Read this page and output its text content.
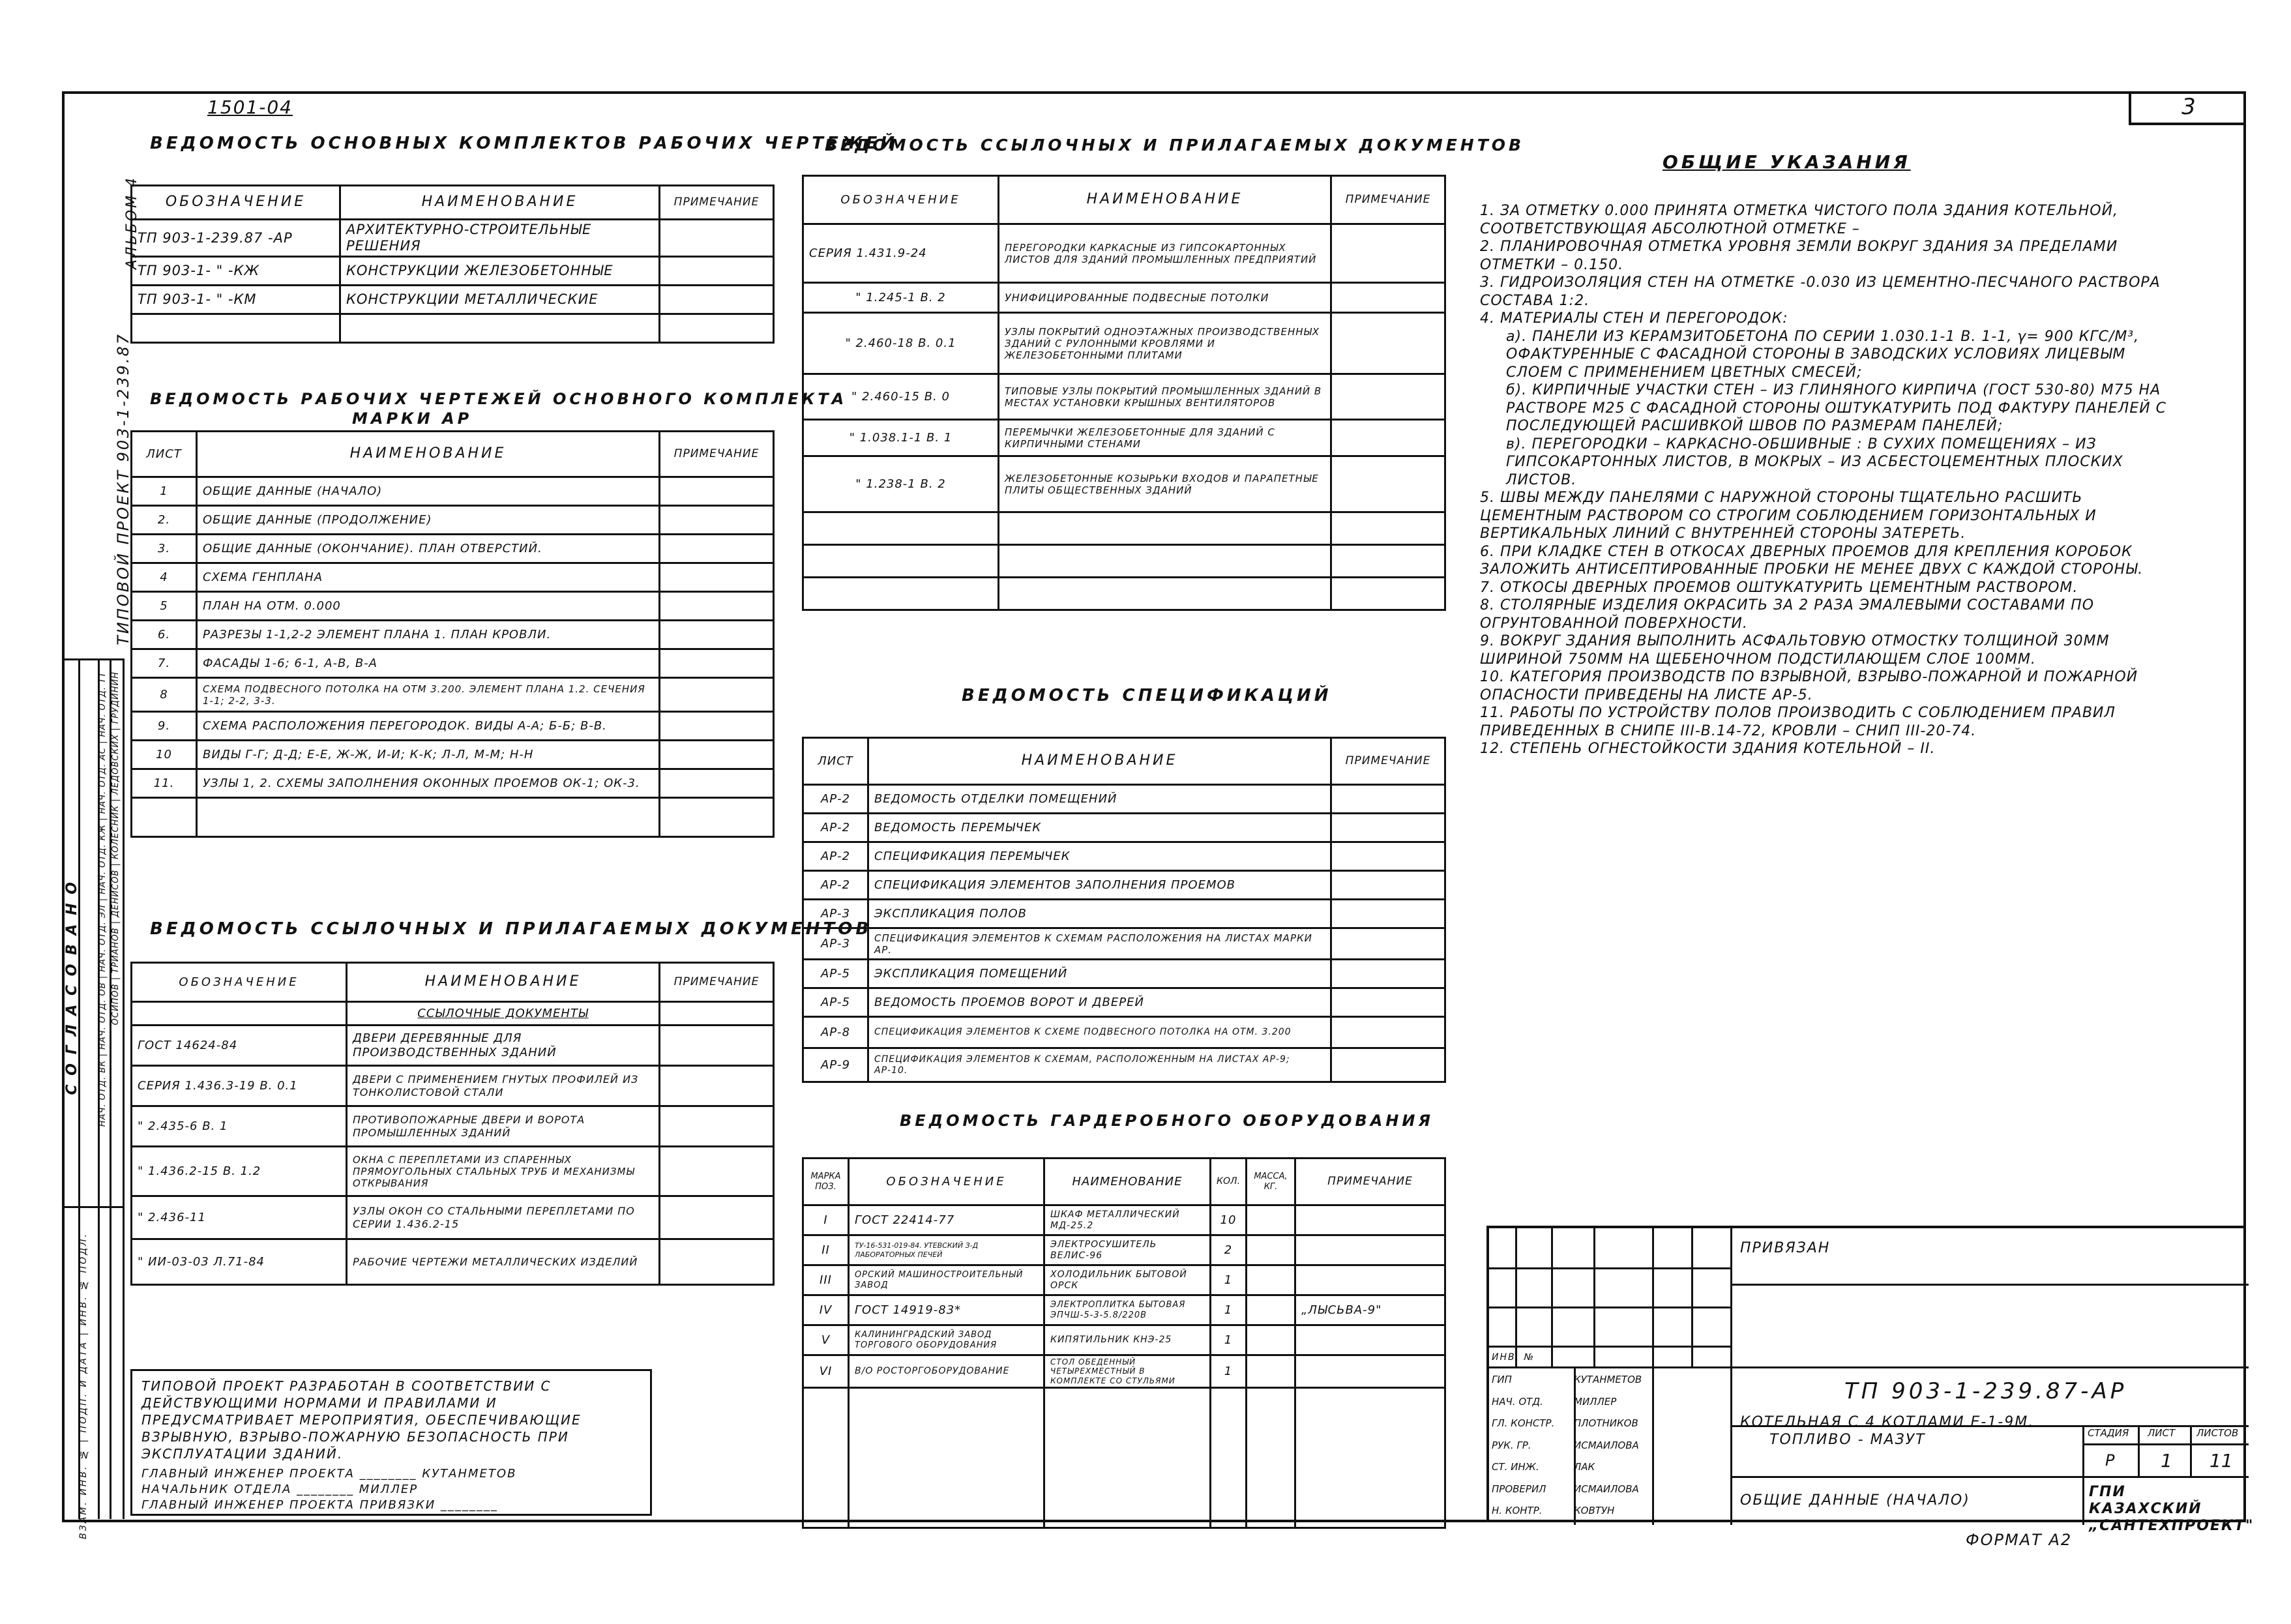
3
1501-04
АЛЬБОМ 4
ТИПОВОЙ ПРОЕКТ 903-1-239.87
С О Г Л А С О В А Н О НАЧ. ОТД. ВК | НАЧ. ОТД. ОВ | НАЧ. ОТД. ЭЛ | НАЧ. ОТД. КЖ | НАЧ. ОТД. АС | НАЧ. ОТД. ТТ
ОСИПОВ | ТРИАНОВ | ДЕНИСОВ | КОЛЕСНИК | ЛЕДОВСКИХ | ГРУДИНИН
ВЗАМ. ИНВ. № | ПОДП. И ДАТА | ИНВ. № ПОДЛ.
ВЕДОМОСТЬ ОСНОВНЫХ КОМПЛЕКТОВ РАБОЧИХ ЧЕРТЕЖЕЙ
ОБОЗНАЧЕНИЕ	НАИМЕНОВАНИЕ	ПРИМЕЧАНИЕ
ТП 903-1-239.87 -АР	АРХИТЕКТУРНО-СТРОИТЕЛЬНЫЕ РЕШЕНИЯ	
ТП 903-1- " -КЖ	КОНСТРУКЦИИ ЖЕЛЕЗОБЕТОННЫЕ	
ТП 903-1- " -КМ	КОНСТРУКЦИИ МЕТАЛЛИЧЕСКИЕ	

ВЕДОМОСТЬ РАБОЧИХ ЧЕРТЕЖЕЙ ОСНОВНОГО КОМПЛЕКТА
МАРКИ АР
ЛИСТ	НАИМЕНОВАНИЕ	ПРИМЕЧАНИЕ
1	ОБЩИЕ ДАННЫЕ (НАЧАЛО)	
2.	ОБЩИЕ ДАННЫЕ (ПРОДОЛЖЕНИЕ)	
3.	ОБЩИЕ ДАННЫЕ (ОКОНЧАНИЕ). ПЛАН ОТВЕРСТИЙ.	
4	СХЕМА ГЕНПЛАНА	
5	ПЛАН НА ОТМ. 0.000	
6.	РАЗРЕЗЫ 1-1,2-2 ЭЛЕМЕНТ ПЛАНА 1. ПЛАН КРОВЛИ.	
7.	ФАСАДЫ 1-6; 6-1, А-В, В-А	
8	СХЕМА ПОДВЕСНОГО ПОТОЛКА НА ОТМ 3.200. ЭЛЕМЕНТ ПЛАНА 1.2. СЕЧЕНИЯ 1-1; 2-2, 3-3.	
9.	СХЕМА РАСПОЛОЖЕНИЯ ПЕРЕГОРОДОК. ВИДЫ А-А; Б-Б; В-В.	
10	ВИДЫ Г-Г; Д-Д; Е-Е, Ж-Ж, И-И; К-К; Л-Л, М-М; Н-Н	
11.	УЗЛЫ 1, 2. СХЕМЫ ЗАПОЛНЕНИЯ ОКОННЫХ ПРОЕМОВ ОК-1; ОК-3.	

ВЕДОМОСТЬ ССЫЛОЧНЫХ И ПРИЛАГАЕМЫХ ДОКУМЕНТОВ
ОБОЗНАЧЕНИЕ	НАИМЕНОВАНИЕ	ПРИМЕЧАНИЕ
	ССЫЛОЧНЫЕ ДОКУМЕНТЫ	
ГОСТ 14624-84	ДВЕРИ ДЕРЕВЯННЫЕ ДЛЯ ПРОИЗВОДСТВЕННЫХ ЗДАНИЙ	
СЕРИЯ 1.436.3-19 В. 0.1	ДВЕРИ С ПРИМЕНЕНИЕМ ГНУТЫХ ПРОФИЛЕЙ ИЗ ТОНКОЛИСТОВОЙ СТАЛИ	
" 2.435-6 В. 1	ПРОТИВОПОЖАРНЫЕ ДВЕРИ И ВОРОТА ПРОМЫШЛЕННЫХ ЗДАНИЙ	
" 1.436.2-15 В. 1.2	ОКНА С ПЕРЕПЛЕТАМИ ИЗ СПАРЕННЫХ ПРЯМОУГОЛЬНЫХ СТАЛЬНЫХ ТРУБ И МЕХАНИЗМЫ ОТКРЫВАНИЯ	
" 2.436-11	УЗЛЫ ОКОН СО СТАЛЬНЫМИ ПЕРЕПЛЕТАМИ ПО СЕРИИ 1.436.2-15	
" ИИ-03-03 Л.71-84	РАБОЧИЕ ЧЕРТЕЖИ МЕТАЛЛИЧЕСКИХ ИЗДЕЛИЙ	
ТИПОВОЙ ПРОЕКТ РАЗРАБОТАН В СООТВЕТСТВИИ С ДЕЙСТВУЮЩИМИ НОРМАМИ И ПРАВИЛАМИ И ПРЕДУСМАТРИВАЕТ МЕРОПРИЯТИЯ, ОБЕСПЕЧИВАЮЩИЕ ВЗРЫВНУЮ, ВЗРЫВО-ПОЖАРНУЮ БЕЗОПАСНОСТЬ ПРИ ЭКСПЛУАТАЦИИ ЗДАНИЙ.
ГЛАВНЫЙ ИНЖЕНЕР ПРОЕКТА ________ КУТАНМЕТОВ
НАЧАЛЬНИК ОТДЕЛА ________ МИЛЛЕР
ГЛАВНЫЙ ИНЖЕНЕР ПРОЕКТА ПРИВЯЗКИ ________
ВЕДОМОСТЬ ССЫЛОЧНЫХ И ПРИЛАГАЕМЫХ ДОКУМЕНТОВ
ОБОЗНАЧЕНИЕ	НАИМЕНОВАНИЕ	ПРИМЕЧАНИЕ
СЕРИЯ 1.431.9-24	ПЕРЕГОРОДКИ КАРКАСНЫЕ ИЗ ГИПСОКАРТОННЫХ ЛИСТОВ ДЛЯ ЗДАНИЙ ПРОМЫШЛЕННЫХ ПРЕДПРИЯТИЙ	
" 1.245-1 В. 2	УНИФИЦИРОВАННЫЕ ПОДВЕСНЫЕ ПОТОЛКИ	
" 2.460-18 В. 0.1	УЗЛЫ ПОКРЫТИЙ ОДНОЭТАЖНЫХ ПРОИЗВОДСТВЕННЫХ ЗДАНИЙ С РУЛОННЫМИ КРОВЛЯМИ И ЖЕЛЕЗОБЕТОННЫМИ ПЛИТАМИ	
" 2.460-15 В. 0	ТИПОВЫЕ УЗЛЫ ПОКРЫТИЙ ПРОМЫШЛЕННЫХ ЗДАНИЙ В МЕСТАХ УСТАНОВКИ КРЫШНЫХ ВЕНТИЛЯТОРОВ	
" 1.038.1-1 В. 1	ПЕРЕМЫЧКИ ЖЕЛЕЗОБЕТОННЫЕ ДЛЯ ЗДАНИЙ С КИРПИЧНЫМИ СТЕНАМИ	
" 1.238-1 В. 2	ЖЕЛЕЗОБЕТОННЫЕ КОЗЫРЬКИ ВХОДОВ И ПАРАПЕТНЫЕ ПЛИТЫ ОБЩЕСТВЕННЫХ ЗДАНИЙ	

ВЕДОМОСТЬ СПЕЦИФИКАЦИЙ
ЛИСТ	НАИМЕНОВАНИЕ	ПРИМЕЧАНИЕ
АР-2	ВЕДОМОСТЬ ОТДЕЛКИ ПОМЕЩЕНИЙ	
АР-2	ВЕДОМОСТЬ ПЕРЕМЫЧЕК	
АР-2	СПЕЦИФИКАЦИЯ ПЕРЕМЫЧЕК	
АР-2	СПЕЦИФИКАЦИЯ ЭЛЕМЕНТОВ ЗАПОЛНЕНИЯ ПРОЕМОВ	
АР-3	ЭКСПЛИКАЦИЯ ПОЛОВ	
АР-3	СПЕЦИФИКАЦИЯ ЭЛЕМЕНТОВ К СХЕМАМ РАСПОЛОЖЕНИЯ НА ЛИСТАХ МАРКИ АР.	
АР-5	ЭКСПЛИКАЦИЯ ПОМЕЩЕНИЙ	
АР-5	ВЕДОМОСТЬ ПРОЕМОВ ВОРОТ И ДВЕРЕЙ	
АР-8	СПЕЦИФИКАЦИЯ ЭЛЕМЕНТОВ К СХЕМЕ ПОДВЕСНОГО ПОТОЛКА НА ОТМ. 3.200	
АР-9	СПЕЦИФИКАЦИЯ ЭЛЕМЕНТОВ К СХЕМАМ, РАСПОЛОЖЕННЫМ НА ЛИСТАХ АР-9; АР-10.	
ВЕДОМОСТЬ ГАРДЕРОБНОГО ОБОРУДОВАНИЯ
МАРКА ПОЗ.	ОБОЗНАЧЕНИЕ	НАИМЕНОВАНИЕ	КОЛ.	МАССА, КГ.	ПРИМЕЧАНИЕ
I	ГОСТ 22414-77	ШКАФ МЕТАЛЛИЧЕСКИЙ МД-25.2	10		
II	ТУ-16-531-019-84. УТЕВСКИЙ З-Д ЛАБОРАТОРНЫХ ПЕЧЕЙ	ЭЛЕКТРОСУШИТЕЛЬ ВЕЛИС-96	2		
III	ОРСКИЙ МАШИНОСТРОИТЕЛЬНЫЙ ЗАВОД	ХОЛОДИЛЬНИК БЫТОВОЙ ОРСК	1		
IV	ГОСТ 14919-83*	ЭЛЕКТРОПЛИТКА БЫТОВАЯ ЭПЧШ-5-3-5.8/220В	1		„ЛЫСЬВА-9"
V	КАЛИНИНГРАДСКИЙ ЗАВОД ТОРГОВОГО ОБОРУДОВАНИЯ	КИПЯТИЛЬНИК КНЭ-25	1		
VI	В/О РОСТОРГОБОРУДОВАНИЕ	СТОЛ ОБЕДЕННЫЙ ЧЕТЫРЕХМЕСТНЫЙ В КОМПЛЕКТЕ СО СТУЛЬЯМИ	1		

ОБЩИЕ УКАЗАНИЯ
1. ЗА ОТМЕТКУ 0.000 ПРИНЯТА ОТМЕТКА ЧИСТОГО ПОЛА ЗДАНИЯ КОТЕЛЬНОЙ, СООТВЕТСТВУЮЩАЯ АБСОЛЮТНОЙ ОТМЕТКЕ –
2. ПЛАНИРОВОЧНАЯ ОТМЕТКА УРОВНЯ ЗЕМЛИ ВОКРУГ ЗДАНИЯ ЗА ПРЕДЕЛАМИ ОТМЕТКИ – 0.150.
3. ГИДРОИЗОЛЯЦИЯ СТЕН НА ОТМЕТКЕ -0.030 ИЗ ЦЕМЕНТНО-ПЕСЧАНОГО РАСТВОРА СОСТАВА 1:2.
4. МАТЕРИАЛЫ СТЕН И ПЕРЕГОРОДОК:
а). ПАНЕЛИ ИЗ КЕРАМЗИТОБЕТОНА ПО СЕРИИ 1.030.1-1 В. 1-1, γ= 900 КГС/М³, ОФАКТУРЕННЫЕ С ФАСАДНОЙ СТОРОНЫ В ЗАВОДСКИХ УСЛОВИЯХ ЛИЦЕВЫМ СЛОЕМ С ПРИМЕНЕНИЕМ ЦВЕТНЫХ СМЕСЕЙ;
б). КИРПИЧНЫЕ УЧАСТКИ СТЕН – ИЗ ГЛИНЯНОГО КИРПИЧА (ГОСТ 530-80) М75 НА РАСТВОРЕ М25 С ФАСАДНОЙ СТОРОНЫ ОШТУКАТУРИТЬ ПОД ФАКТУРУ ПАНЕЛЕЙ С ПОСЛЕДУЮЩЕЙ РАСШИВКОЙ ШВОВ ПО РАЗМЕРАМ ПАНЕЛЕЙ;
в). ПЕРЕГОРОДКИ – КАРКАСНО-ОБШИВНЫЕ : В СУХИХ ПОМЕЩЕНИЯХ – ИЗ ГИПСОКАРТОННЫХ ЛИСТОВ, В МОКРЫХ – ИЗ АСБЕСТОЦЕМЕНТНЫХ ПЛОСКИХ ЛИСТОВ.
5. ШВЫ МЕЖДУ ПАНЕЛЯМИ С НАРУЖНОЙ СТОРОНЫ ТЩАТЕЛЬНО РАСШИТЬ ЦЕМЕНТНЫМ РАСТВОРОМ СО СТРОГИМ СОБЛЮДЕНИЕМ ГОРИЗОНТАЛЬНЫХ И ВЕРТИКАЛЬНЫХ ЛИНИЙ С ВНУТРЕННЕЙ СТОРОНЫ ЗАТЕРЕТЬ.
6. ПРИ КЛАДКЕ СТЕН В ОТКОСАХ ДВЕРНЫХ ПРОЕМОВ ДЛЯ КРЕПЛЕНИЯ КОРОБОК ЗАЛОЖИТЬ АНТИСЕПТИРОВАННЫЕ ПРОБКИ НЕ МЕНЕЕ ДВУХ С КАЖДОЙ СТОРОНЫ.
7. ОТКОСЫ ДВЕРНЫХ ПРОЕМОВ ОШТУКАТУРИТЬ ЦЕМЕНТНЫМ РАСТВОРОМ.
8. СТОЛЯРНЫЕ ИЗДЕЛИЯ ОКРАСИТЬ ЗА 2 РАЗА ЭМАЛЕВЫМИ СОСТАВАМИ ПО ОГРУНТОВАННОЙ ПОВЕРХНОСТИ.
9. ВОКРУГ ЗДАНИЯ ВЫПОЛНИТЬ АСФАЛЬТОВУЮ ОТМОСТКУ ТОЛЩИНОЙ 30ММ ШИРИНОЙ 750ММ НА ЩЕБЕНОЧНОМ ПОДСТИЛАЮЩЕМ СЛОЕ 100ММ.
10. КАТЕГОРИЯ ПРОИЗВОДСТВ ПО ВЗРЫВНОЙ, ВЗРЫВО-ПОЖАРНОЙ И ПОЖАРНОЙ ОПАСНОСТИ ПРИВЕДЕНЫ НА ЛИСТЕ АР-5.
11. РАБОТЫ ПО УСТРОЙСТВУ ПОЛОВ ПРОИЗВОДИТЬ С СОБЛЮДЕНИЕМ ПРАВИЛ ПРИВЕДЕННЫХ В СНИПЕ III-В.14-72, КРОВЛИ – СНИП III-20-74.
12. СТЕПЕНЬ ОГНЕСТОЙКОСТИ ЗДАНИЯ КОТЕЛЬНОЙ – II.
ПРИВЯЗАН
ИНВ. №
ТП 903-1-239.87-АР
ГИП	КУТАНМЕТОВ
НАЧ. ОТД.	МИЛЛЕР
ГЛ. КОНСТР. ПЛОТНИКОВ
РУК. ГР.	ИСМАИЛОВА
СТ. ИНЖ.	ЛАК
ПРОВЕРИЛ	ИСМАИЛОВА
Н. КОНТР.	КОВТУН
КОТЕЛЬНАЯ С 4 КОТЛАМИ Е-1-9М.
ТОПЛИВО - МАЗУТ	СТАДИЯ ЛИСТ ЛИСТОВ
Р	1 11
ОБЩИЕ ДАННЫЕ (НАЧАЛО)
ГПИ КАЗАХСКИЙ „САНТЕХПРОЕКТ"
ФОРМАТ А2
